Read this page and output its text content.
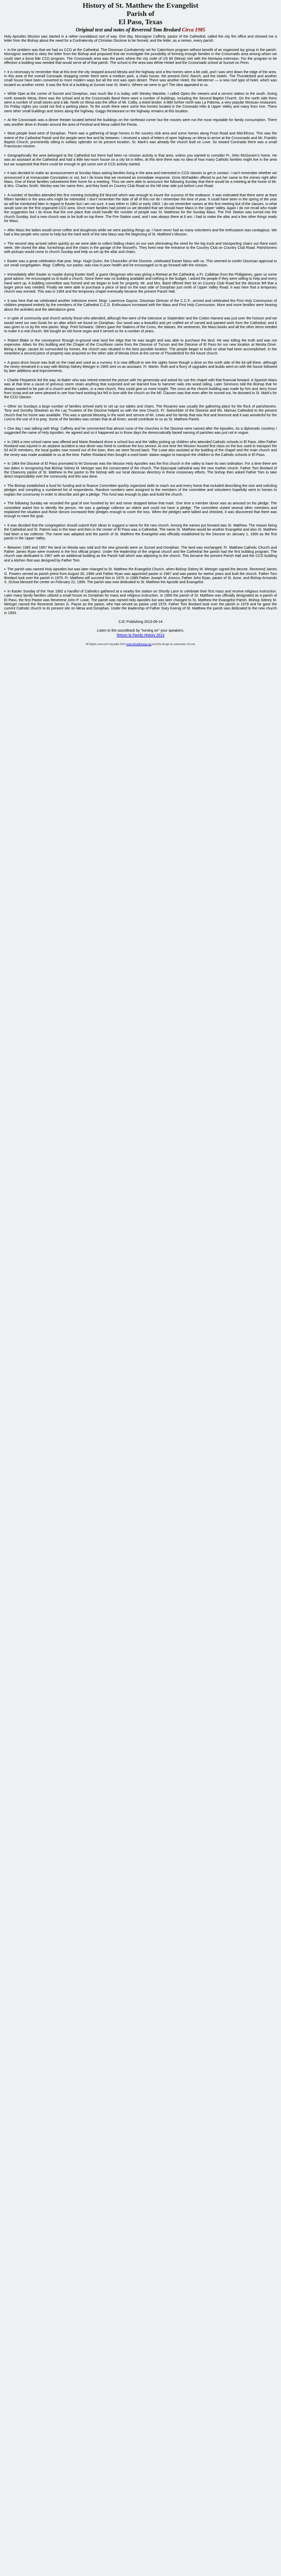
History of St. Matthew the Evangelist
Parish of
El Paso, Texas

Original text and notes of Reverend Tom Bredard Circa 1985

Holy Apostles Mission was started in a rather roundabout sort of way. One day, Monsignor Cafferty, pastor of the Cathedral, called the city fire office and showed me a letter from the Bishop about the need for a Confraternity of Christian Doctrine to be formed, and the letter, as a mimeo, every parish

● In the problem was that we had no CCD at the Cathedral. The Diocesan Confraternity set for Catechism program without benefit of an organized lay group in the parish. Monsignor wanted to obey the letter from the Bishop and proposed that we investigate the possibility of forming enough families in the Crossroads area among whom we could start a bona fide CCD program. The Crossroads area was the parts where the city code of US 80 (Mesa) met with the Montana extension. For the program to be effective a building was needed that would serve all of that parish. The school in the area was White Hinkel and the Crossroads school at Sunset on Fenn.

● It is necessary to remember that at this time the city stopped around Mesita and the highway and a few homes were a bit cold, and I was sent down the edge of the area. In this area of the overall Coronado shopping center there were a medium park, a chain house, the present Girls' Ranch, and the Hotels. The Thunderbird and another small house have been converted to more modern ways but all the rest was open desert. There was another Hotel, the Westerner — a new roof type of hotel, which was located on another street. It was the first of a building at Sunset near St. Mark's. Where we were to go? The idea appealed to us.

● While Opie at the corner of Sunset and Doniphan, was much like it is today, with Wesley Marietta. I called Opies the viewers and a service station to the south. Going north towards Mesa, there was the school and at the Crossroads Band there were a number of buildings, including the Second Baptist Church. On the north side there were a number of small stores and a lab. North on Mesa was the office of Mr. Colby, a ticket broker. A little further north was La Paloma, a very popular Mexican restaurant. On Friday nights you could not find a parking place. To the south there were some few homes located in the Coronado Hills & Upper Valley and many from Iron. There were other small buildings and stores along the highway. Gaggs Restaurant on the highway remains at this location.

● At the Crossroads was a dinner theater located behind the buildings on the northeast corner but the movies were not the most reputable for family consumption. There was another drive-in theater around the area of Festival and Mesa called the Fiesta.

● Most people lived west of Doniphan. There was a gathering of large homes in the country club area and some homes along Frost Road and Mid-Efronz. This was the extent of the Cathedral Parish and the people were few and far between. I received a stack of letters of open highway on Mesa to arrive at the Crossroads and Mr. Franklin Baptist Church, prominently sitting in solitary splendor on its present location. St. Mark's was already the church built on Love. So toward Coronado there was a small Franciscan mission.

● Geographically the area belonged to the Cathedral but there had been no mission activity in that area, unless you wanted to consider Fr. John McGovern's home. He was an assistant at the Cathedral and had a little two-room house on a city lot in Miles. At this time there was no idea of how many Catholic families might live in the area but we suspected that there could be enough to get some sort of CCD activity started.

● It was decided to make an announcement at Sunday Mass asking families living in the area and interested in CCD classes to get in contact. I can't remember whether we announced it at Immaculate Conception or not, but I do know that we received an immediate response. Doris McFadden offered to put her name to the mimeo right after Mass. One of these families volunteered their home for a meeting. Thus we were able to announce the following Sunday that there would be a meeting at the home of Mr. & Mrs. Charles Smith. Wesley was her name then, and they lived on Country Club Road on the hill near side just before Love Road.

● A number of families attended this first meeting including Ed Wurzell which was enough to insure the success of the endeavor. It was estimated that there were at least fifteen families in the area who might be interested. I don't remember the date of all of this nor do I remember the time of year. It could have been in the spring of the year as will be mentioned later in regard to Easter but I am not sure. It was either in 1962 or early 1963. I do not remember names at this first meeting but of the classes, in what would soon be the first organized CCD area. Once more families had joined us we decided that we should have Mass in the Upper Valley. Again I do not recall who made the suggestion but I do know that the one place that could handle the number of people was St. Matthews for the Sunday Mass. The Fire Station was turned into the church Sunday. And a new church was to be built on top there. The Fire Station used, and I was always there at 6 am. I had to make the altar and a few other things ready for Mass.

● After Mass the ladies would serve coffee and doughnuts while we were packing things up. I have never had as many volunteers and the enthusiasm was contagious. We had a few people who came to help but the hard work of the new Mass was the beginning of St. Matthew's Mission.

● The second step arrived rather quickly as we were able to collect folding chairs on our own eliminating the need for the big truck and transporting chairs out there each week. We stored the altar, furnishings and the chairs in the garage of the Wurzell's. They lived near the entrance to the Country Club on Country Club Road. Parishioners with pickups would come to church Sunday and help us set up the altar and chairs.

● Easter was a great celebration that year. Msgr. Hugh Quinn, the Chancellor of the Diocese, celebrated Easter Mass with us. This seemed to confer Diocesan approval to our small congregation. Msgr. Cafferty, our pastor, was now in poor health and he encouraged us to go forward with the mission.

● Immediately after Easter or maybe during Easter itself, a guest clergyman who was giving a Retreat at the Cathedral, a Fr. Callahan from the Philippines, gave us some good advice. He encouraged us to build a church. Since there was no building available and nothing in the budget, I asked the people if they were willing to help and every hand went up. A building committee was formed and we began to look for property. Mr. and Mrs. Baird offered their lot on Country Club Road but the diocese felt that a larger piece was needed. Finally we were able to purchase a piece of land on the east side of Doniphan just north of Upper Valley Road. It was here that a temporary church was erected. This was in 1964 and the temporary chapel eventually became the present Parish Hall.

● It was here that we celebrated another milestone event. Msgr. Lawrence Gaynor, Diocesan Director of the C.C.P., arrived and celebrated the First Holy Communion of children prepared entirely by the members of the Cathedral C.C.D. Enthusiasm increased with the Mass and First Holy Communion. More and more families were hearing about the activities and the attendance grew.

● In spite of community and church activity those who attended, although few were of the intensive or September and the Cotton Harvest was just over the horizon and we would need our own funds for an altar which we found on Doniphan. Our wood was a beautiful and yet crafted art of carved and painted work from the Cathedral, and it was given to us by the new pastor, Msgr. Fred Schwartz. Others gave the Stations of the Cross, the statues, the vestments, the Mass books and all the other items needed to make it a real church. We bought an old home organ and it served us for a number of years.

● Robert Blake or the conveyance through in-ground near land fire ridge that he was taught and was able to purchase the land. He was tolling the truth and was not expensive. Altars for this building and the Chapel of the Crucifixion came from the Diocese of Tucson and the Diocese of El Paso for our new location at Mesita Drive. Being a large, vacant lot surrounded by homes, the church was situated in the best possible location. The people began to build on what had been accomplished. In the meantime a second piece of property was acquired on the other side of Mesita Drive at the corner of Thunderbird for the future church.

● A grass drum house was built on the road and used as a nursery. It is now difficult to see the sights home though a drive on the north side of the lot will there, although the vestry remained in a way with Bishop Sidney Metzger in 1965 sent us an assistant, Fr. Martin. Ruth and a flurry of upgrades and builds went on with the house followed by later additions and improvements.

● Charlie Fitzpatrick led the way. At Baker who was retired entered the picture with his generosity and asked for use the chapel with that financial forward. A Spanish Mass was at that time a cause of grievous storm strain anything that surprised and we learned how to hammer nails into wood siding. Later Simmons told the Bishop that he always wanted to be part of a church and the Ladies, in a new church, they could give us more insight. The cross at the church building was made by him and Jerry Knorr from scrap and we were pleased to see how hard working but fell in love with the church on the hill. Clausen was that even after he moved out, he donated to St. Mark's for the CCD classes.

● Other six Sundays a large number of families arrived early to set up our tables and chairs. The Rosaries was usually the gathering place for the flock of parishioners. Tony and Dorothy Sheahan as the Lay Trustees of the Diocese helped us with the new Church. Fr. Swinchkler of the Diocese and Ms. Marnas Cathedral to the present church that his home was available. This was a special blessing in the work and service of Mr. Lewis and his family that was first and foremost and it was wonderful for the Lord to the use of it to pray. Some of the families was certain that at all times, would contribute to us as St. Matthew Parish.

● One day I was talking with Msgr. Cafferty and he commented that almost none of the churches in the Diocese were named after the Apostles. As a diplomatic courtesy I suggested the name of Holy Apostles. He agreed and so it happened as in those days the democratically based naming of parishes was just not in vogue.

● In 1964 a new school name was offered and Marie Rowland drove a school bus and the Valley picking up children who attended Catholic schools in El Paso. After Father Rowland was injured in an airplane accident a new driver was hired to continue the bus service. At one time the Mission housed first class on the bus used to transport the 63 ACR members, the local guides now moved out of the town, then we were forced back. The Lowe also assisted at the building of the chapel and the main church and the vestry was made available to us at the time. Father Rowland then bought a used lower station wagon to transport the children to the Catholic schools in El Paso.

● In 1964 the Diocese of El Paso promoted to let Donovan was the Mission Holy Apostles was the first church in the valley to have its own ordination. For a time there are two dates in recognizing that Bishop Sidney M. Metzger was the consecrated of the church. The Episcopal cathedral was the new mother church. Father Tom Bredard of the Chancery pastor of St. Matthew to the pastor to the bishop with our local diocesan directory in these missionary efforts. The bishop then asked Father Tom to take direct responsibility over the community and this was done.

● The Bishop established a fund for funding and to finance Committee quickly organized skills to reach out and every home that included describing the size and soliciting pledges and compiling a numbered list of respondents. Random numbers were assigned to the members of the committee and volunteers hopefully went to homes to explain the community in order to describe and get a pledge. This fund was enough to plan and build the church.

● The following Sunday we recorded the goal of one hundred by ten and never dropped below that mark. One time a member donor was as amused on his pledge. The committee asked him to identify the person. He was a garbage collector an oldest and could not have a pledge. The committee visited several other members and explained the situation and those donors increased their pledges enough to cover the loss. When the pledges were tallied and checked, it was discovered that there was enough to meet the goal.

● It was decided that the congregation should submit their ideas to suggest a name for the new church. Among the names put forward was St. Matthew. The reason being the Cathedral and St. Patrick was in the town and then in the center of El Paso was a Cathedral. The name St. Matthew would be another Evangelist and also St. Matthew had been a tax collector. The name was adopted and the parish of St. Matthew the Evangelist was officially established by the Diocese on January 1, 1966 as the first parish in the Upper Valley.

● Between 1965 and 1967 the land on Mesita was sold and the new grounds were on Sunset and Doniphan. The land was exchanged. Fr. Matthew Catholic Church and Father James Ryan were involved in the first official project. Under the leadership of the original church and the Cathedral the parish had the first building program. The church was dedicated in 1967 with an additional building as the Parish hall which was adjoining to the church. This became the present Parish Hall and the CCD building and a kitchen that was designed by Father Tom.

● The parish was named Holy Apostles but was later changed to St. Matthew the Evangelist Church, when Bishop Sidney M. Metzger signed the decree. Reverend James G. Powers served as parish priest from August 30, 1966 until Father Ryan was appointed pastor in 1967 and was pastor for twelve years and built the church. Father Tom Bredard took over the parish in 1979. Fr. Matthew will succeed him in 1979. In 1989 Father Joseph M. Aronco, Father John Ryan, pastor of St. Anne, and Bishop Armando X. Ochoa blessed the center on February 22, 1996. The parish was now dedicated to St. Matthew the Apostle and Evangelist.

● In Easter Sunday of the Year 1992 a handful of Catholics gathered at a nearby fire station on Shortly Lane to celebrate their first mass and receive religious instruction. Later many family families utilized a small house on Doniphan for mass and religious instruction. In 1966 the parish of St. Matthew was officially designated as a parish of El Paso, the first Pastor was Reverend John P. Lowe. The parish was named Holy Apostles but was later changed to St. Matthew the Evangelist Parish. Bishop Sidney M. Metzger named the Reverend James G. Payne as the pastor, who had served as pastor until 1979. Father Tom Bredard took over the parish in 1979 and he gave the current Catholic church to its present site on Mesa and Doniphan. Under the leadership of Father Gary Koenig of St. Matthew the parish was dedicated to the new church in 1993.

CJC Publishing 2013-06-14
Listen to the soundtrack by "turning on" your speakers.
Return to Family History 2013
All Rights reserved Copyright 2013 www.stmatthewep.org and this design by webmaster-cfl.com
